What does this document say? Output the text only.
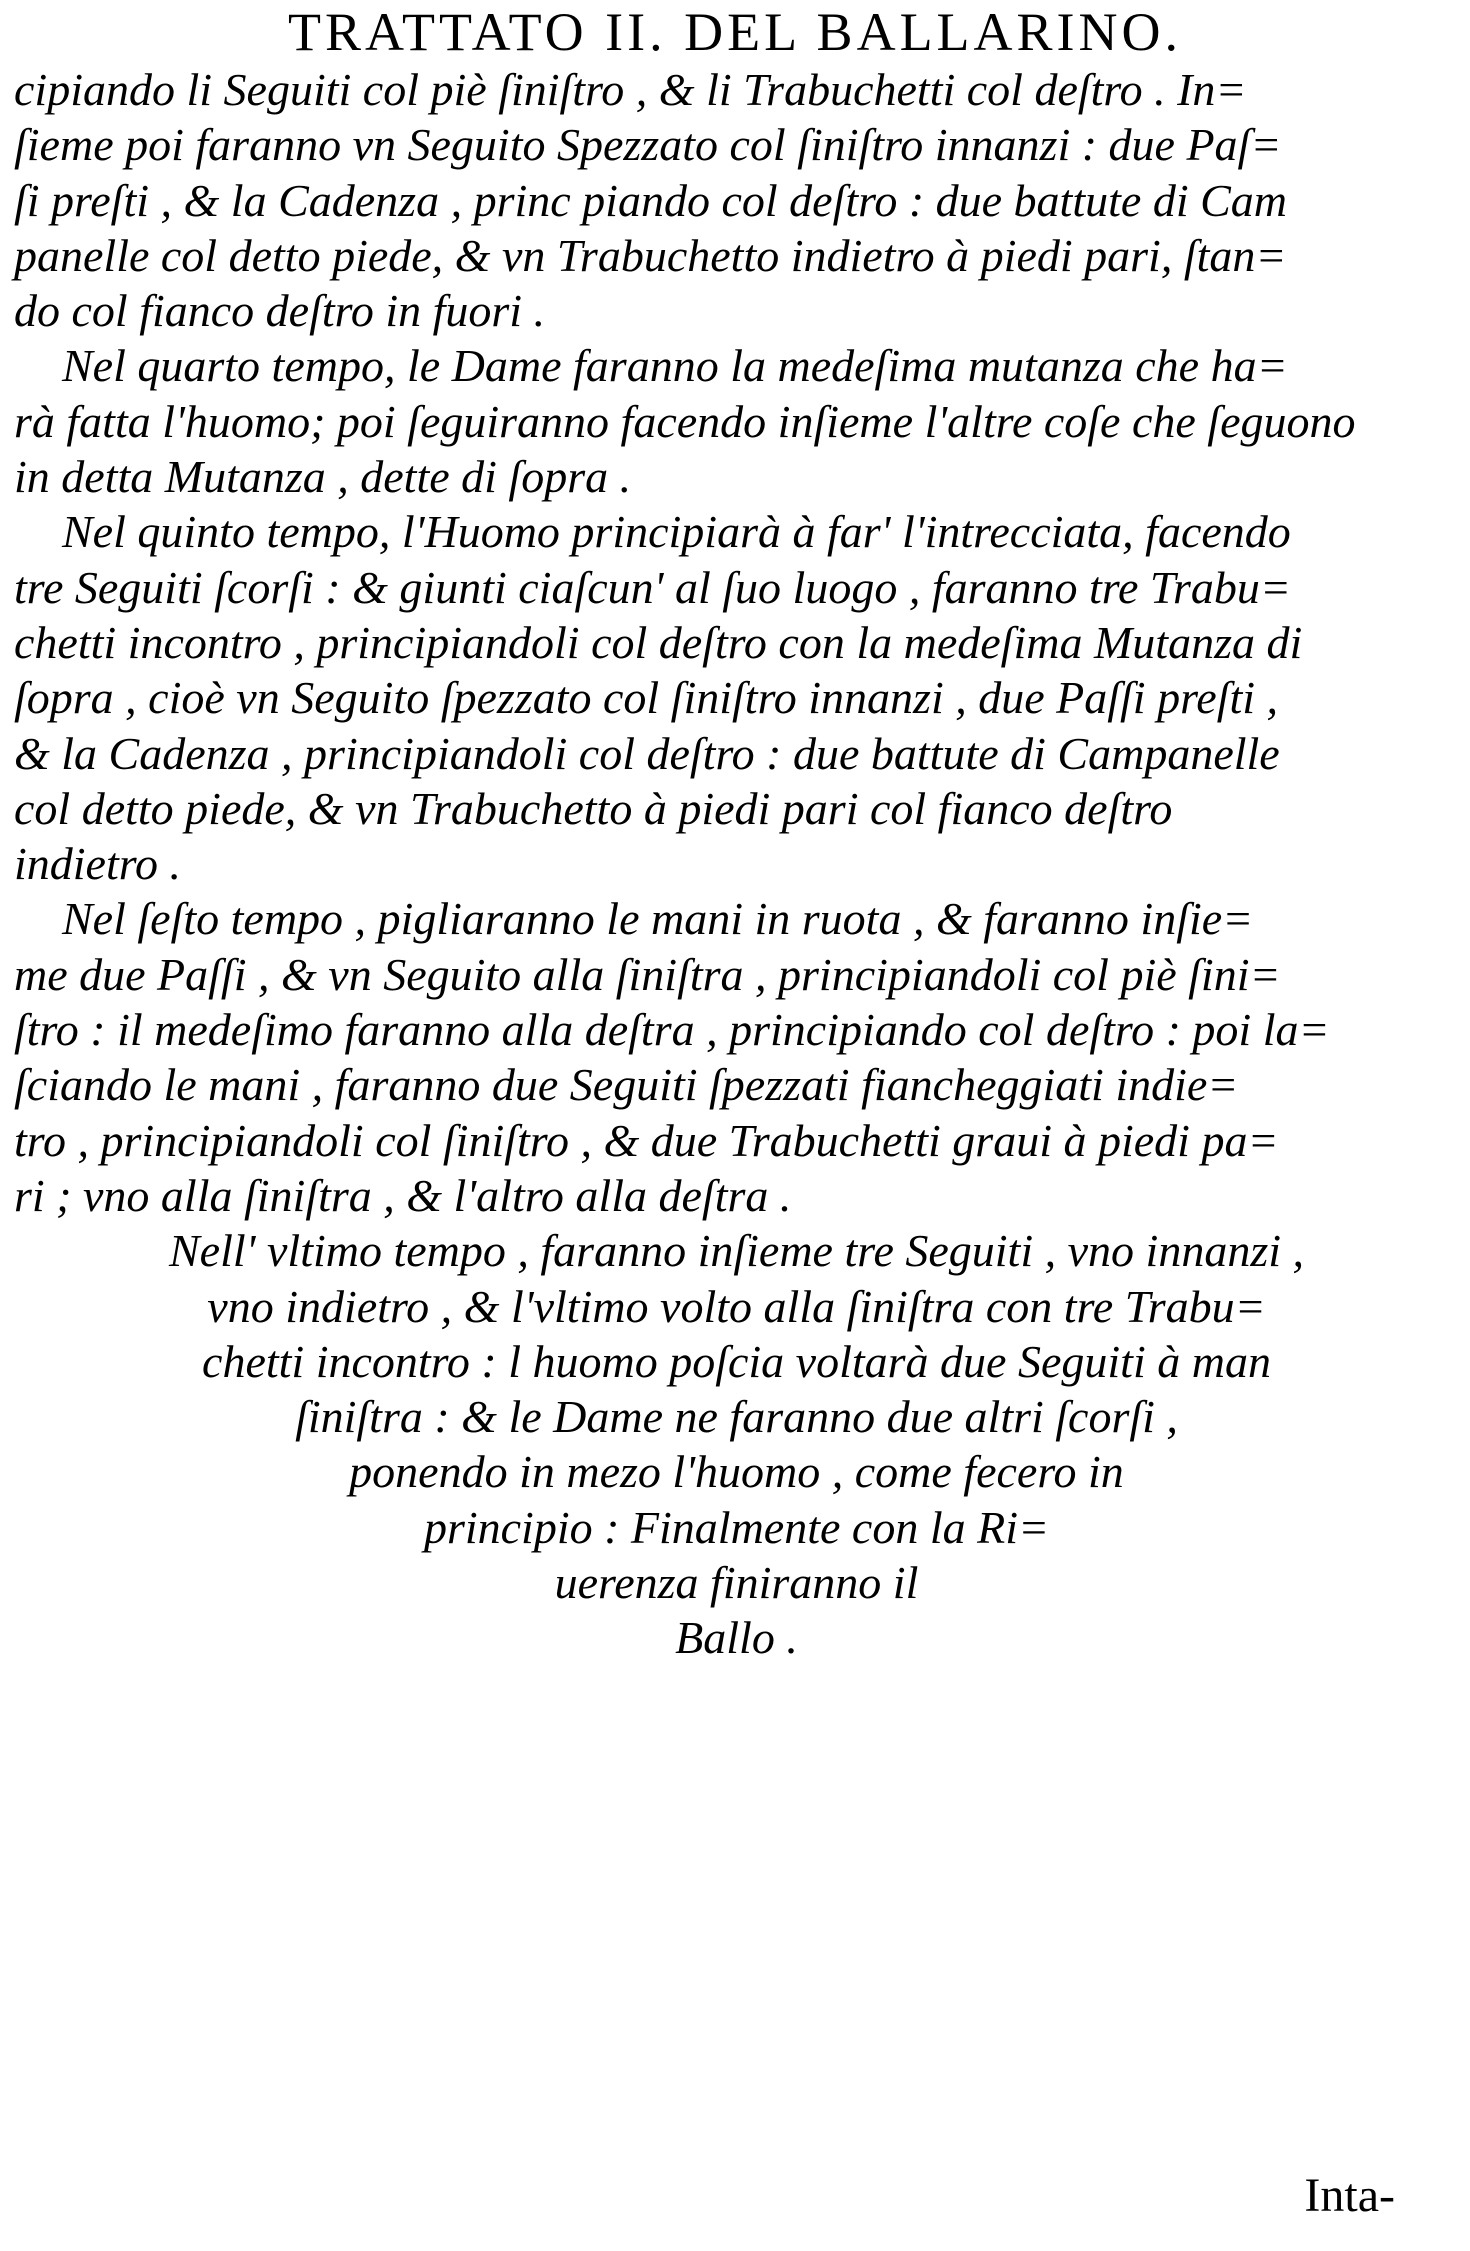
TRATTATO II. DEL BALLARINO.
cipiando li Seguiti col piè ſiniſtro , & li Trabuchetti col deſtro . In=
ſieme poi faranno vn Seguito Spezzato col ſiniſtro innanzi : due Paſ=
ſi preſti , & la Cadenza , princ piando col deſtro : due battute di Cam
panelle col detto piede, & vn Trabuchetto indietro à piedi pari, ſtan=
do col fianco deſtro in fuori .
Nel quarto tempo, le Dame faranno la medeſima mutanza che ha=
rà fatta l'huomo; poi ſeguiranno facendo inſieme l'altre coſe che ſeguono
in detta Mutanza , dette di ſopra .
Nel quinto tempo, l'Huomo principiarà à far' l'intrecciata, facendo
tre Seguiti ſcorſi : & giunti ciaſcun' al ſuo luogo , faranno tre Trabu=
chetti incontro , principiandoli col deſtro con la medeſima Mutanza di
ſopra , cioè vn Seguito ſpezzato col ſiniſtro innanzi , due Paſſi preſti ,
& la Cadenza , principiandoli col deſtro : due battute di Campanelle
col detto piede, & vn Trabuchetto à piedi pari col fianco deſtro
indietro .
Nel ſeſto tempo , pigliaranno le mani in ruota , & faranno inſie=
me due Paſſi , & vn Seguito alla ſiniſtra , principiandoli col piè ſini=
ſtro : il medeſimo faranno alla deſtra , principiando col deſtro : poi la=
ſciando le mani , faranno due Seguiti ſpezzati fiancheggiati indie=
tro , principiandoli col ſiniſtro , & due Trabuchetti graui à piedi pa=
ri ; vno alla ſiniſtra , & l'altro alla deſtra .
Nell' vltimo tempo , faranno inſieme tre Seguiti , vno innanzi ,
vno indietro , & l'vltimo volto alla ſiniſtra con tre Trabu=
chetti incontro : l huomo poſcia voltarà due Seguiti à man
ſiniſtra : & le Dame ne faranno due altri ſcorſi ,
ponendo in mezo l'huomo , come fecero in
principio : Finalmente con la Ri=
uerenza finiranno il
Ballo .
Inta-
